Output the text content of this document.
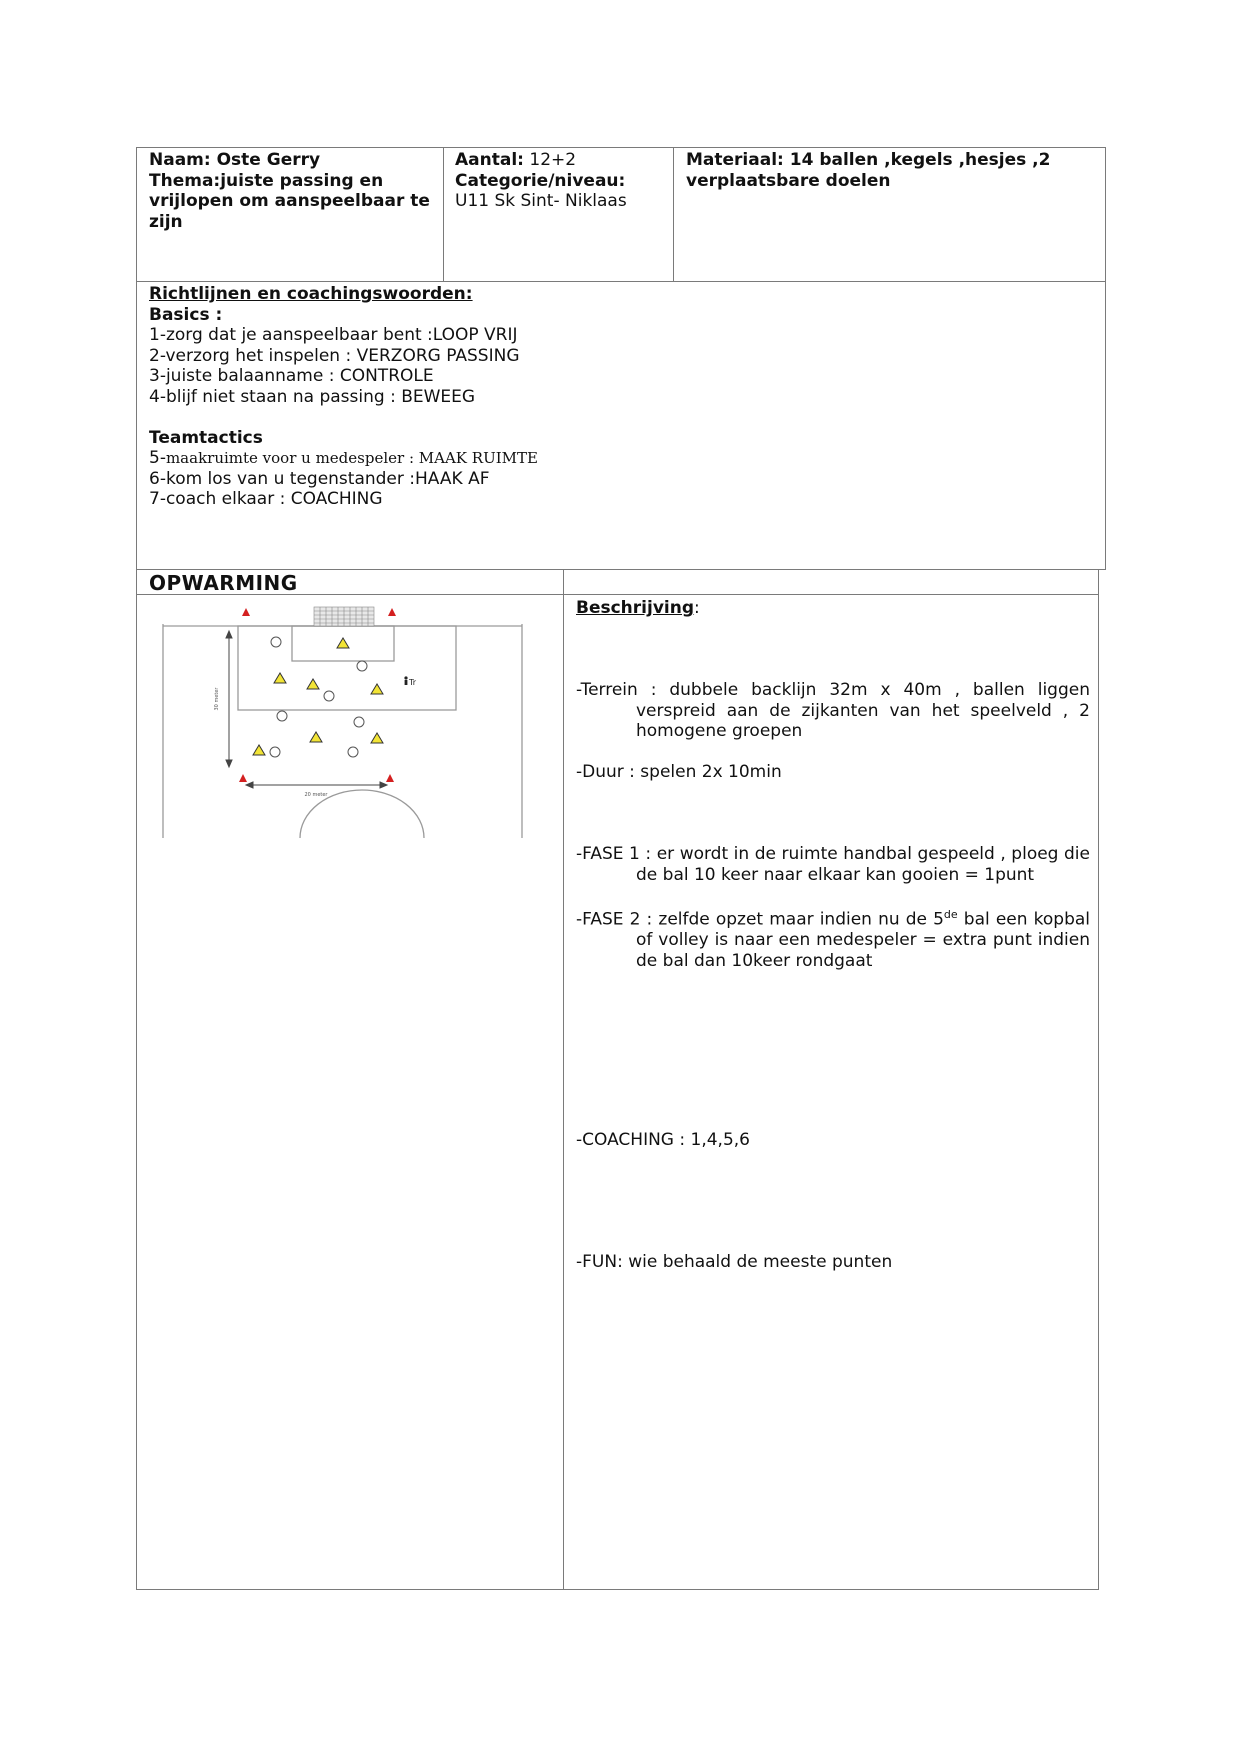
Naam: Oste Gerry
Thema:juiste passing en
vrijlopen om aanspeelbaar te
zijn
Aantal: 12+2
Categorie/niveau:
U11 Sk Sint- Niklaas
Materiaal: 14 ballen ,kegels ,hesjes ,2
verplaatsbare doelen
Richtlijnen en coachingswoorden:
Basics :
1-zorg dat je aanspeelbaar bent :LOOP VRIJ
2-verzorg het inspelen : VERZORG PASSING
3-juiste balaanname : CONTROLE
4-blijf niet staan na passing : BEWEEG
Teamtactics
5-maakruimte voor u medespeler : MAAK RUIMTE
6-kom los van u tegenstander :HAAK AF
7-coach elkaar : COACHING
OPWARMING
30 meter
20 meter
Tr
Beschrijving:
-Terrein : dubbele backlijn 32m x 40m , ballen liggen
verspreid aan de zijkanten van het speelveld , 2
homogene groepen
-Duur : spelen 2x 10min
-FASE 1 : er wordt in de ruimte handbal gespeeld , ploeg die
de bal 10 keer naar elkaar kan gooien = 1punt
-FASE 2 : zelfde opzet maar indien nu de 5de bal een kopbal
of volley is naar een medespeler = extra punt indien
de bal dan 10keer rondgaat
-COACHING : 1,4,5,6
-FUN: wie behaald de meeste punten
